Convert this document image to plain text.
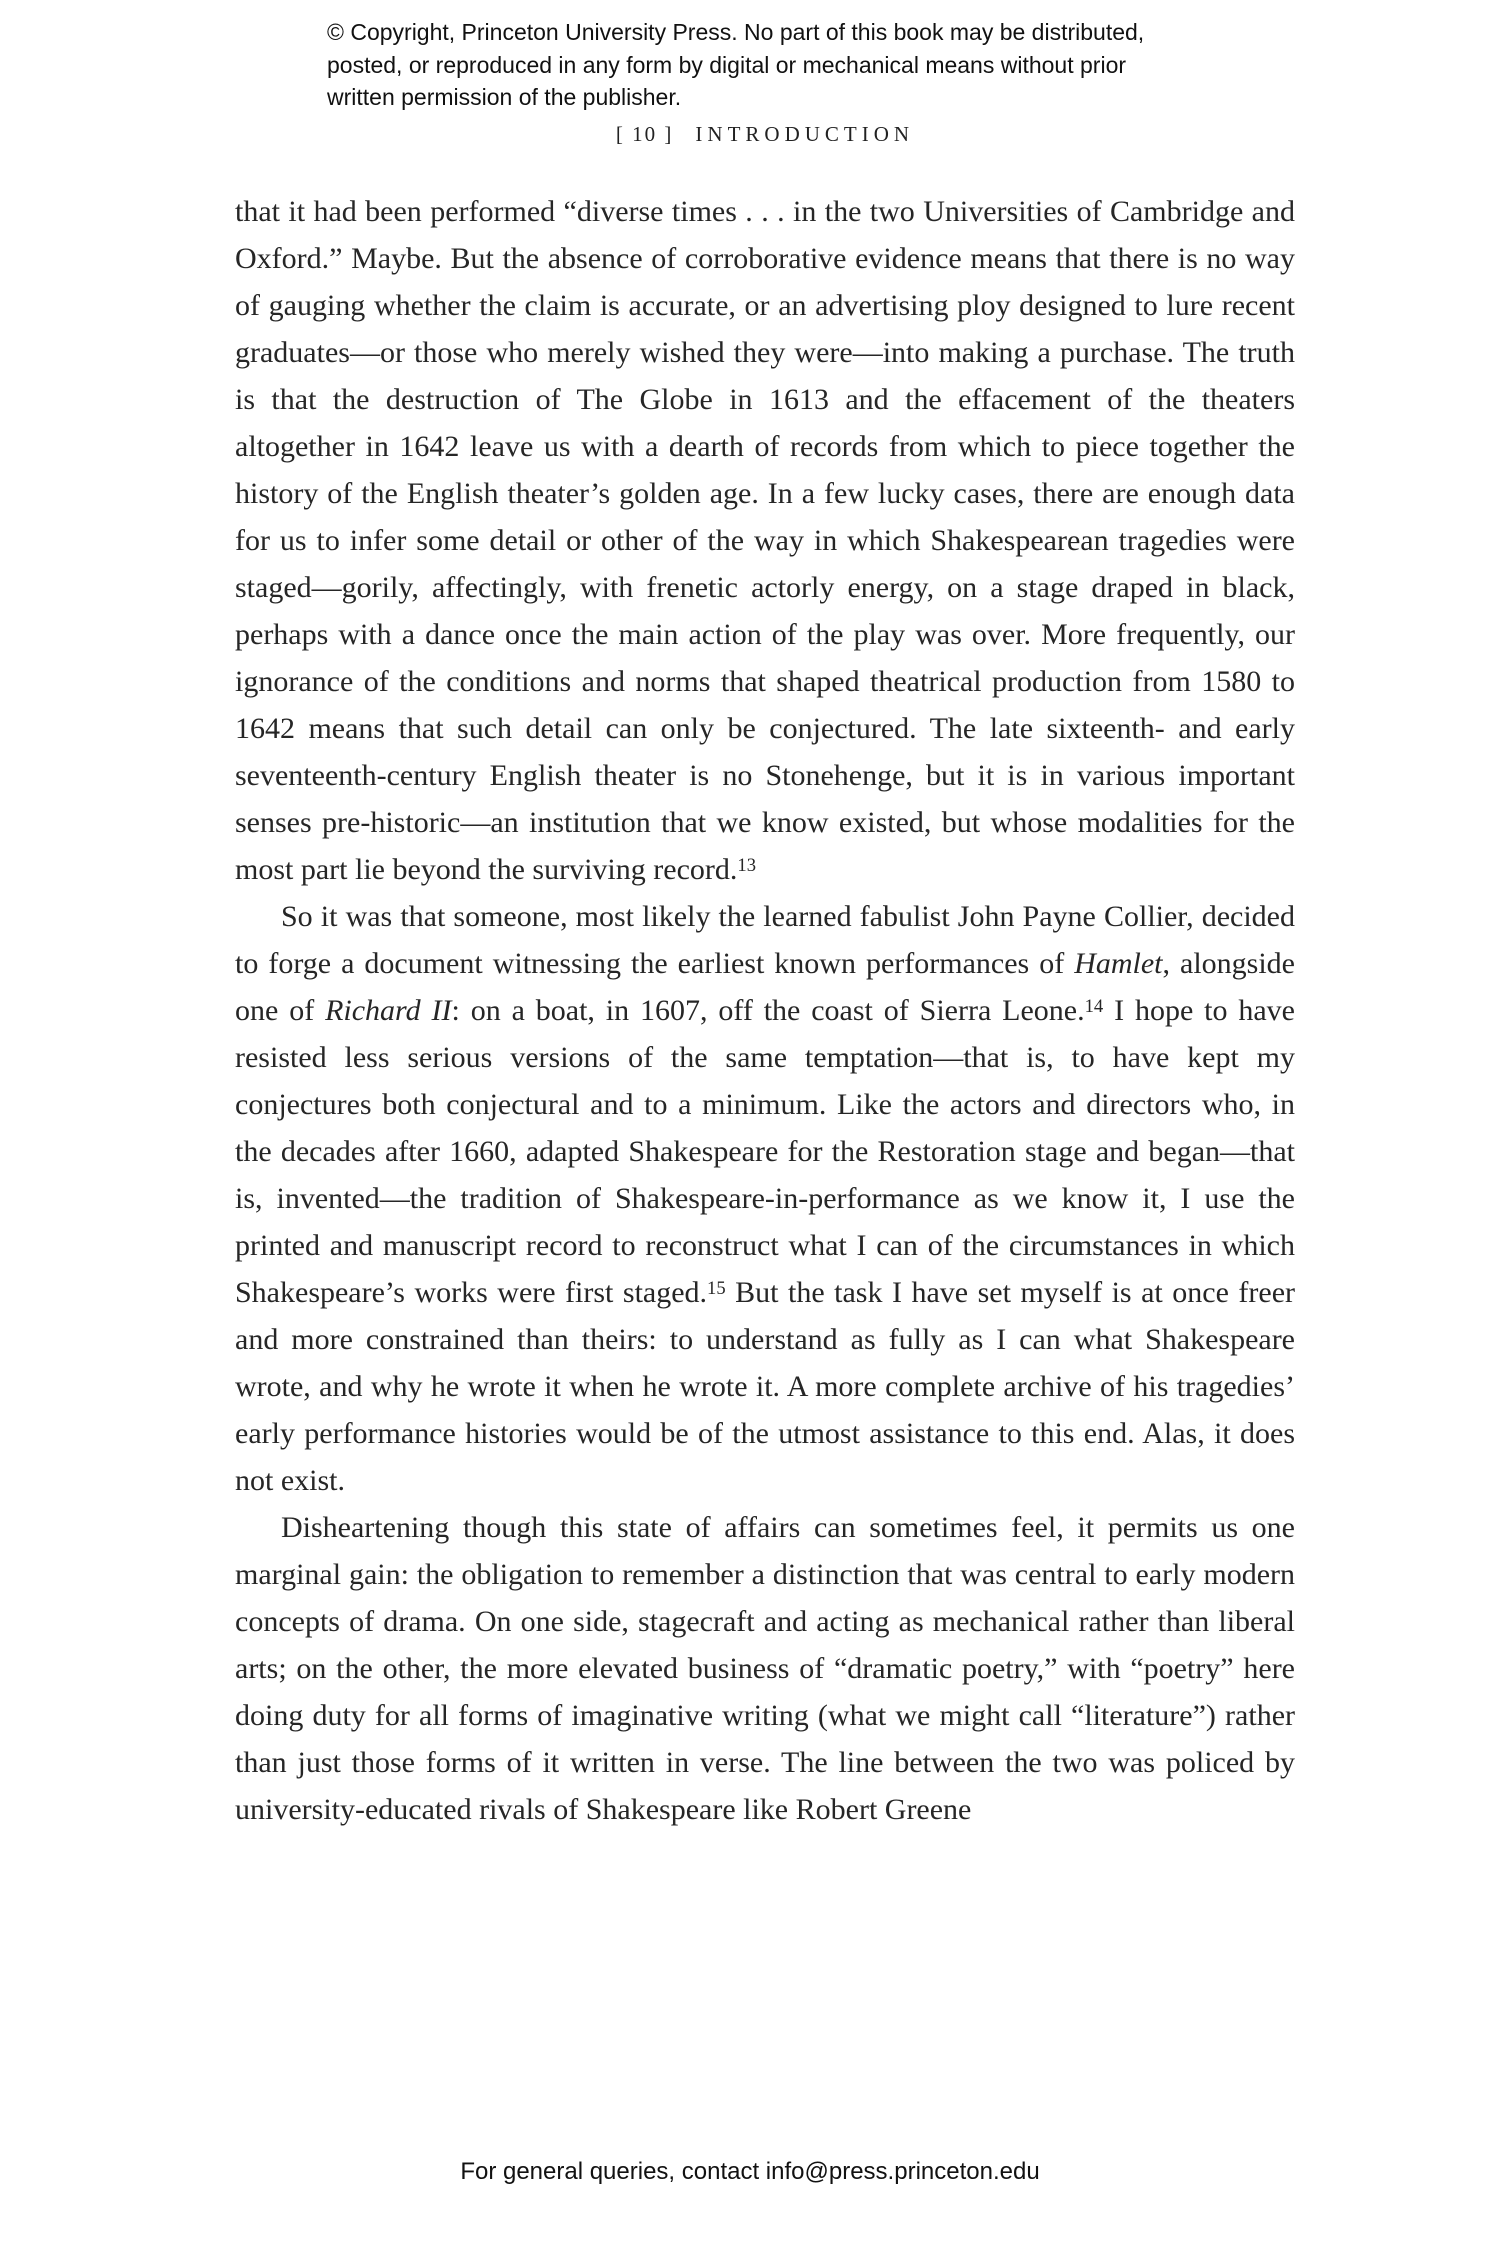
© Copyright, Princeton University Press. No part of this book may be distributed, posted, or reproduced in any form by digital or mechanical means without prior written permission of the publisher.
[ 10 ] INTRODUCTION

that it had been performed “diverse times . . . in the two Universities of Cambridge and Oxford.” Maybe. But the absence of corroborative evidence means that there is no way of gauging whether the claim is accurate, or an advertising ploy designed to lure recent graduates—or those who merely wished they were—into making a purchase. The truth is that the destruction of The Globe in 1613 and the effacement of the theaters altogether in 1642 leave us with a dearth of records from which to piece together the history of the English theater’s golden age. In a few lucky cases, there are enough data for us to infer some detail or other of the way in which Shakespearean tragedies were staged—gorily, affectingly, with frenetic actorly energy, on a stage draped in black, perhaps with a dance once the main action of the play was over. More frequently, our ignorance of the conditions and norms that shaped theatrical production from 1580 to 1642 means that such detail can only be conjectured. The late sixteenth- and early seventeenth-century English theater is no Stonehenge, but it is in various important senses pre-historic—an institution that we know existed, but whose modalities for the most part lie beyond the surviving record.$^{13}$

So it was that someone, most likely the learned fabulist John Payne Collier, decided to forge a document witnessing the earliest known performances of Hamlet, alongside one of Richard II: on a boat, in 1607, off the coast of Sierra Leone.$^{14}$ I hope to have resisted less serious versions of the same temptation—that is, to have kept my conjectures both conjectural and to a minimum. Like the actors and directors who, in the decades after 1660, adapted Shakespeare for the Restoration stage and began—that is, invented—the tradition of Shakespeare-in-performance as we know it, I use the printed and manuscript record to reconstruct what I can of the circumstances in which Shakespeare’s works were first staged.$^{15}$ But the task I have set myself is at once freer and more constrained than theirs: to understand as fully as I can what Shakespeare wrote, and why he wrote it when he wrote it. A more complete archive of his tragedies’ early performance histories would be of the utmost assistance to this end. Alas, it does not exist.

Disheartening though this state of affairs can sometimes feel, it permits us one marginal gain: the obligation to remember a distinction that was central to early modern concepts of drama. On one side, stagecraft and acting as mechanical rather than liberal arts; on the other, the more elevated business of “dramatic poetry,” with “poetry” here doing duty for all forms of imaginative writing (what we might call “literature”) rather than just those forms of it written in verse. The line between the two was policed by university-educated rivals of Shakespeare like Robert Greene

For general queries, contact info@press.princeton.edu
